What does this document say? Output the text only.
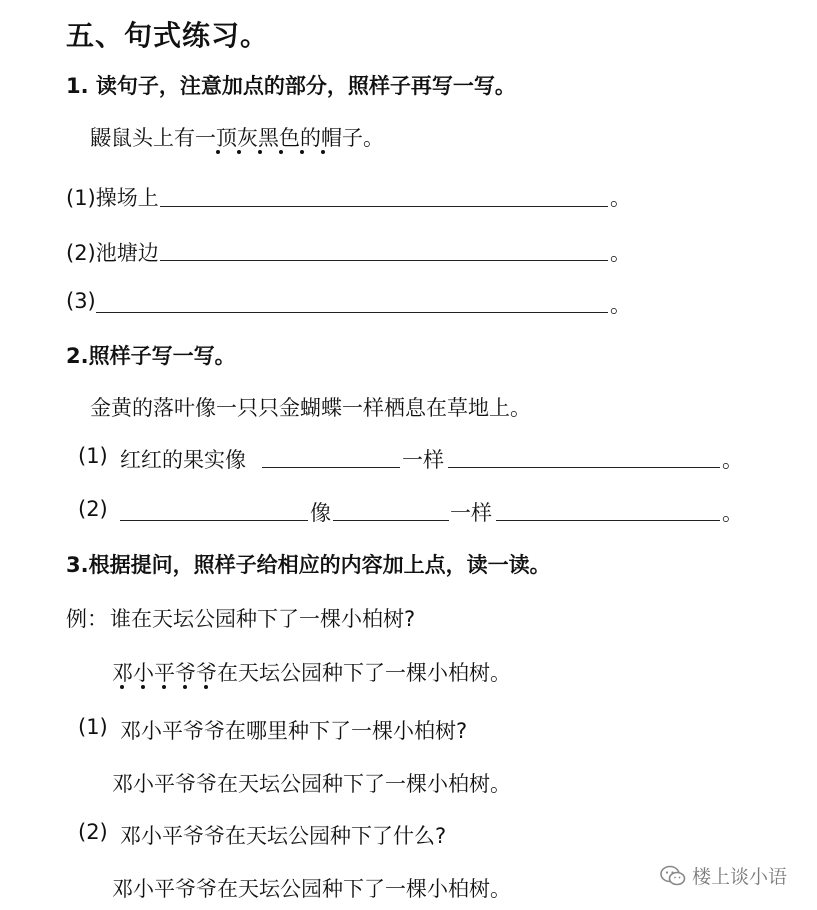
五、句式练习。
1. 读句子，注意加点的部分，照样子再写一写。
鼹鼠头上有一顶灰黑色的帽子。
(1)操场上	。
(2)池塘边	。
(3)	。
2.照样子写一写。
金黄的落叶像一只只金蝴蝶一样栖息在草地上。
(1) 红红的果实像	一样	。
(2)	像	一样	。
3.根据提问，照样子给相应的内容加上点，读一读。
例： 谁在天坛公园种下了一棵小柏树?
邓小平爷爷在天坛公园种下了一棵小柏树。
(1) 邓小平爷爷在哪里种下了一棵小柏树?
邓小平爷爷在天坛公园种下了一棵小柏树。
(2) 邓小平爷爷在天坛公园种下了什么?
邓小平爷爷在天坛公园种下了一棵小柏树。	楼上谈小语
